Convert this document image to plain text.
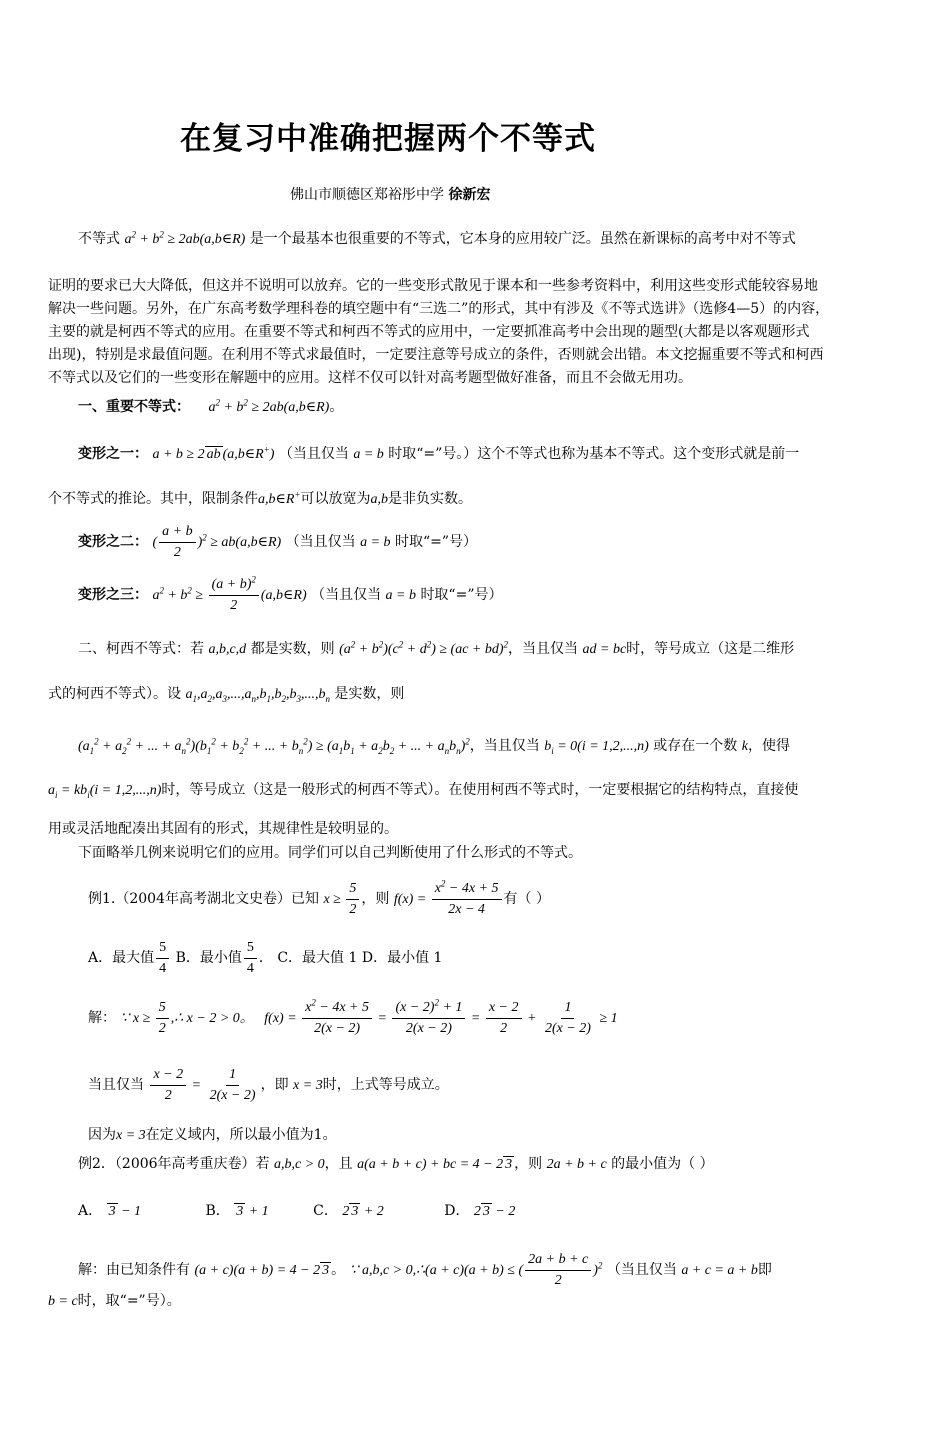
在复习中准确把握两个不等式
佛山市顺德区郑裕彤中学 徐新宏
不等式 $a^2 + b^2$ ≥ 2ab(a,b∈R) 是一个最基本也很重要的不等式，它本身的应用较广泛。虽然在新课标的高考中对不等式
证明的要求已大大降低，但这并不说明可以放弃。它的一些变形式散见于课本和一些参考资料中，利用这些变形式能较容易地
解决一些问题。另外，在广东高考数学理科卷的填空题中有“三选二”的形式，其中有涉及《不等式选讲》（选修4—5）的内容，
主要的就是柯西不等式的应用。在重要不等式和柯西不等式的应用中，一定要抓准高考中会出现的题型(大都是以客观题形式
出现)，特别是求最值问题。在利用不等式求最值时，一定要注意等号成立的条件，否则就会出错。本文挖掘重要不等式和柯西
不等式以及它们的一些变形在解题中的应用。这样不仅可以针对高考题型做好准备，而且不会做无用功。
一、重要不等式： $a^2 + b^2$ ≥ 2ab(a,b∈R)。
变形之一： a + b ≥ 2 ab (a,b∈R+) （当且仅当 a = b 时取“=”号。）这个不等式也称为基本不等式。这个变形式就是前一
个不等式的推论。其中，限制条件a,b∈R+可以放宽为a,b是非负实数。
变形之二： ( $\frac{a + b}{2} )^2$ ≥ ab(a,b∈R) （当且仅当 a = b 时取“=”号）
变形之三： $a^2 + b^2 \ge \frac{(a + b)^2}{2}$ (a,b∈R) （当且仅当 a = b 时取“=”号）
二、柯西不等式：若 a,b,c,d 都是实数，则 $(a^2 + b^2)(c^2 + d^2) \ge (ac + bd)^2$，当且仅当 ad = bc时，等号成立（这是二维形
式的柯西不等式）。设 $a_1,a_2,a_3,...,a_n,b_1,b_2,b_3,...,b_n$ 是实数，则
($a_1^2 + a_2^2$ + ... + $a_n^2)(b_1^2 + b_2^2$ + ... + $b_n^2) \ge (a_1b_1 + a_2b_2$ + ... + $a_nb_n)^2$，当且仅当 $b_i = 0(i = 1,2,...,n)$ 或存在一个数 k，使得
$a_i = kb_i(i = 1,2,...,n)$时，等号成立（这是一般形式的柯西不等式）。在使用柯西不等式时，一定要根据它的结构特点，直接使
用或灵活地配凑出其固有的形式，其规律性是较明显的。
下面略举几例来说明它们的应用。同学们可以自己判断使用了什么形式的不等式。
例1.（2004年高考湖北文史卷）已知 $x \ge \frac{5}{2}$ ，则 $f(x) = \frac{x^2 - 4x + 5}{2x - 4}$ 有（ ）
A．最大值 $\frac{5}{4}$ B．最小值 $\frac{5}{4}$ ． C．最大值 1 D．最小值 1
解： ∵ $x \ge \frac{5}{2}$ ,∴ x − 2 > 0。   $f(x) = \frac{x^2 - 4x + 5}{2(x - 2)} = \frac{(x - 2)^2 + 1}{2(x - 2)} = \frac{x - 2}{2} + \frac{1}{2(x - 2)} \ge 1$
当且仅当 $\frac{x - 2}{2} = \frac{1}{2(x - 2)}$ ，即 x = 3时，上式等号成立。
因为x = 3在定义域内，所以最小值为1。
例2．（2006年高考重庆卷）若 a,b,c > 0，且 a(a + b + c) + bc = 4 − 2 3 ，则 2a + b + c 的最小值为（ ）
A． 3 − 1	B． 3 + 1	C． 2 3 + 2	D． 2 3 − 2
解：由已知条件有 (a + c)(a + b) = 4 − 2 3 。 ∵ a,b,c > 0,∴(a + c)(a + b) ≤ ( $\frac{2a + b + c}{2} )^2$ （当且仅当 a + c = a + b即
b = c时，取“=”号）。
